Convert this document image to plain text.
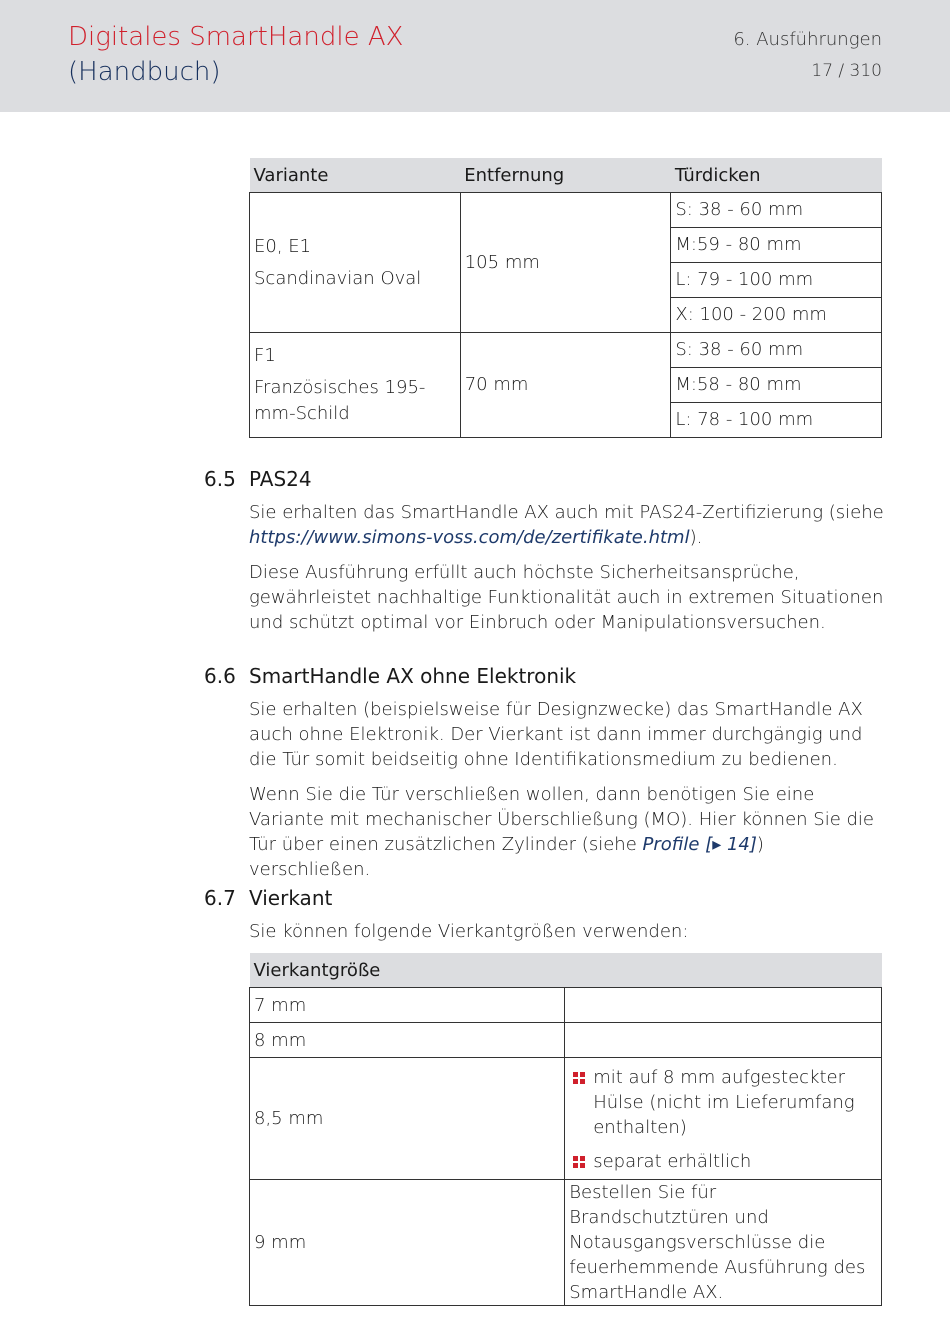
Digitales SmartHandle AX
(Handbuch)
6. Ausführungen
17 / 310
Variante	Entfernung	Türdicken

E0, E1
Scandinavian Oval	105 mm	S: 38 - 60 mm
		M:59 - 80 mm
		L: 79 - 100 mm
		X: 100 - 200 mm

F1
Französisches 195-
mm-Schild	70 mm	S: 38 - 60 mm
		M:58 - 80 mm
		L: 78 - 100 mm
6.5 PAS24

Sie erhalten das SmartHandle AX auch mit PAS24-Zertifizierung (siehe
https://www.simons-voss.com/de/zertifikate.html).

Diese Ausführung erfüllt auch höchste Sicherheitsansprüche, gewährleistet nachhaltige Funktionalität auch in extremen Situationen und schützt optimal vor Einbruch oder Manipulationsversuchen.

6.6 SmartHandle AX ohne Elektronik

Sie erhalten (beispielsweise für Designzwecke) das SmartHandle AX auch ohne Elektronik. Der Vierkant ist dann immer durchgängig und die Tür somit beidseitig ohne Identifikationsmedium zu bedienen.

Wenn Sie die Tür verschließen wollen, dann benötigen Sie eine Variante mit mechanischer Überschließung (MO). Hier können Sie die Tür über einen zusätzlichen Zylinder (siehe Profile [▸ 14]) verschließen.

6.7 Vierkant

Sie können folgende Vierkantgrößen verwenden:

Vierkantgröße	
7 mm	
8 mm	
8,5 mm	mit auf 8 mm aufgesteckter Hülse (nicht im Lieferumfang enthalten)
separat erhältlich

9 mm	Bestellen Sie für Brandschutztüren und Notausgangsverschlüsse die feuerhemmende Ausführung des SmartHandle AX.
